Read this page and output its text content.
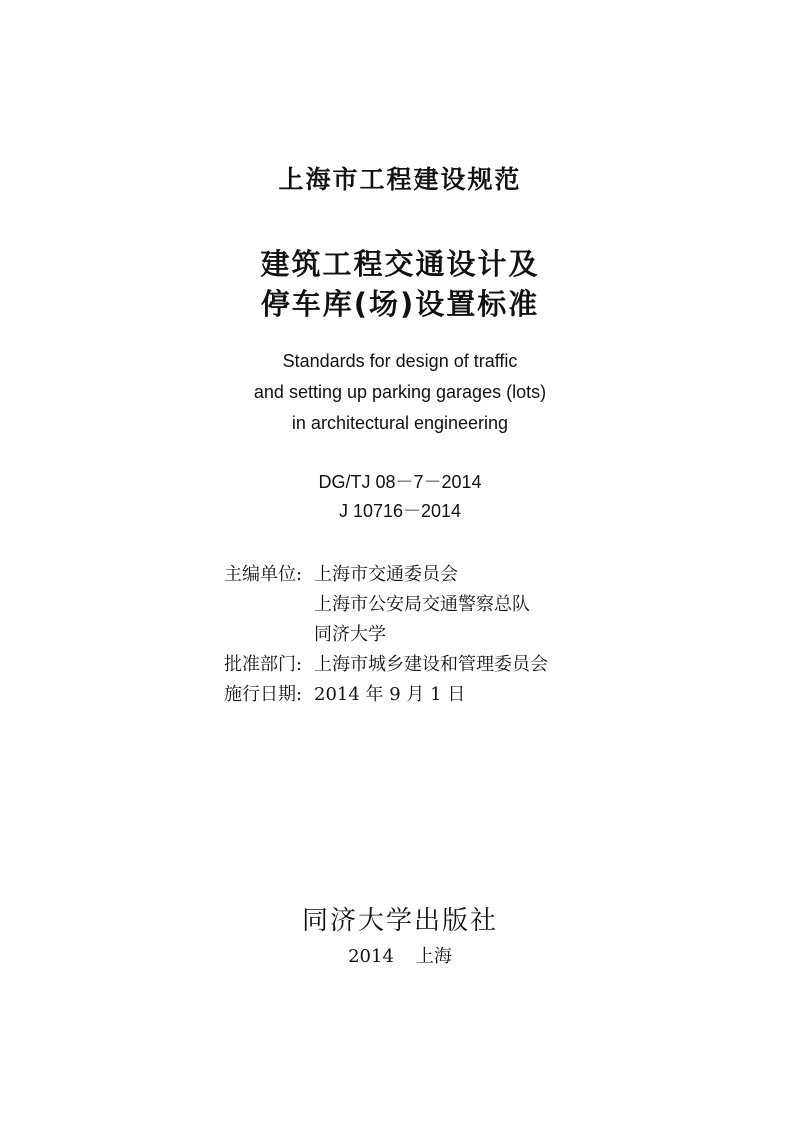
上海市工程建设规范
建筑工程交通设计及
停车库(场)设置标准
Standards for design of traffic
and setting up parking garages (lots)
in architectural engineering
DG/TJ 08－7－2014
J 10716－2014
主编单位: 上海市交通委员会
上海市公安局交通警察总队
同济大学
批准部门: 上海市城乡建设和管理委员会
施行日期: 2014 年 9 月 1 日
同济大学出版社
2014 上海
